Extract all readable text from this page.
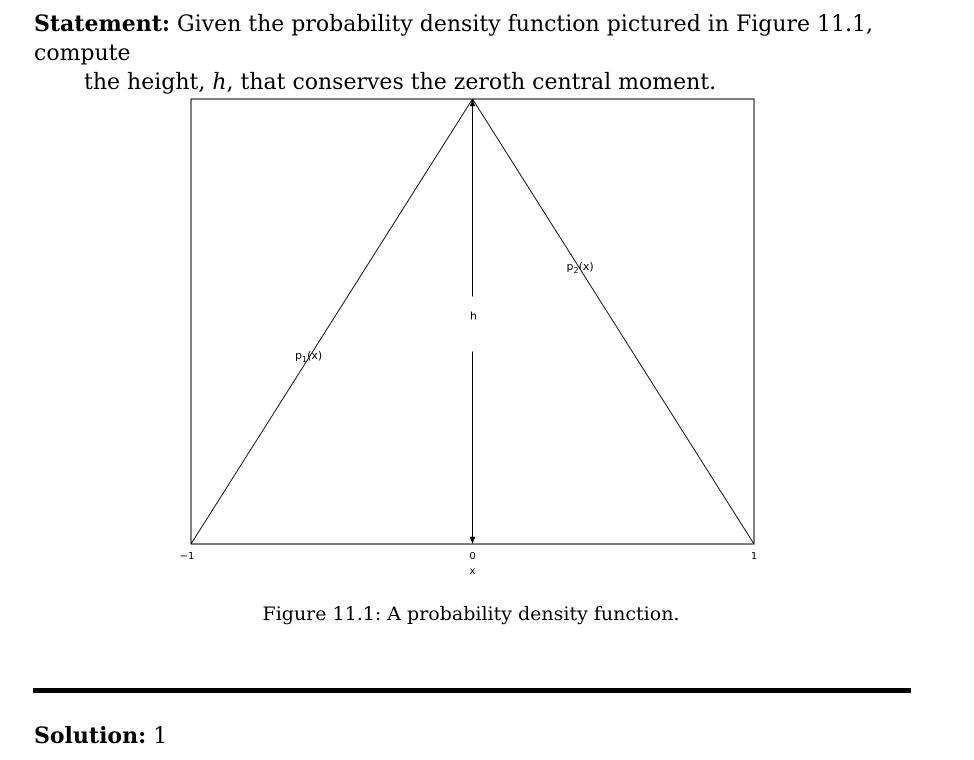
Statement: Given the probability density function pictured in Figure 11.1, compute
the height, h, that conserves the zeroth central moment.
h
$p_1(x)$
$p_2(x)$
−1	0	1
x
Figure 11.1: A probability density function.
Solution: 1
